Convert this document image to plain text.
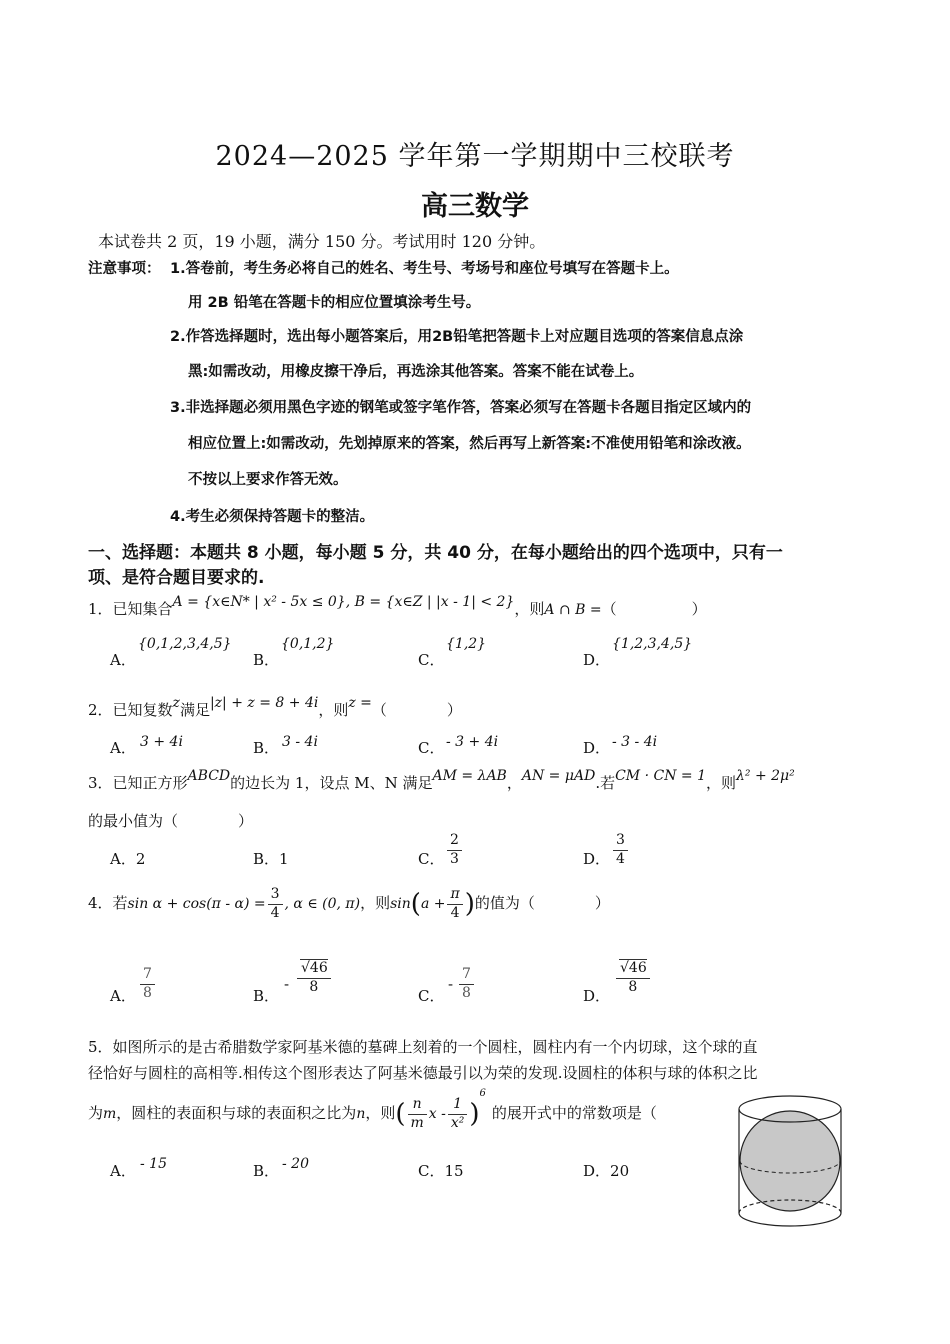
2024—2025 学年第一学期期中三校联考
高三数学
本试卷共 2 页，19 小题，满分 150 分。考试用时 120 分钟。
注意事项： 1.答卷前，考生务必将自己的姓名、考生号、考场号和座位号填写在答题卡上。
用 2B 铅笔在答题卡的相应位置填涂考生号。
2.作答选择题时，选出每小题答案后，用2B铅笔把答题卡上对应题目选项的答案信息点涂
黑:如需改动，用橡皮擦干净后，再选涂其他答案。答案不能在试卷上。
3.非选择题必须用黑色字迹的钢笔或签字笔作答，答案必须写在答题卡各题目指定区域内的
相应位置上:如需改动，先划掉原来的答案，然后再写上新答案:不准使用铅笔和涂改液。
不按以上要求作答无效。
4.考生必须保持答题卡的整洁。
一、选择题：本题共 8 小题，每小题 5 分，共 40 分，在每小题给出的四个选项中，只有一
项、是符合题目要求的.
1．已知集合A = {x∈N* | x² - 5x ≤ 0}, B = {x∈Z | |x - 1| < 2}，则A ∩ B =（　　　　　）
A．
{0,1,2,3,4,5}
B．
{0,1,2}
C．
{1,2}
D．
{1,2,3,4,5}
2．已知复数z满足|z| + z = 8 + 4i，则z =（　　　　）
A． 3 + 4i	B． 3 - 4i	C． - 3 + 4i	D． - 3 - 4i
3．已知正方形ABCD的边长为 1，设点 M、N 满足AM = λAB，AN = μAD.若CM · CN = 1，则λ² + 2μ²
的最小值为（　　　　）
A．2	B．1	C． $\frac{2}{3}$	D． $\frac{3}{4}$
4．若$\sin \alpha + \cos(\pi - \alpha) = \frac{3}{4}$ , α ∈ (0, π)，则$\sin(a + \frac{\pi}{4}$ )的值为（　　　　）
A． $\frac{7}{8}$	B．
- $\frac{√46}{8}$	C．
- $\frac{7}{8}$	D． $\frac{√46}{8}$
5．如图所示的是古希腊数学家阿基米德的墓碑上刻着的一个圆柱，圆柱内有一个内切球，这个球的直
径恰好与圆柱的高相等.相传这个图形表达了阿基米德最引以为荣的发现.设圆柱的体积与球的体积之比
为m，圆柱的表面积与球的表面积之比为n，则( $\frac{n}{m}$ x - $\frac{1}{\text{x²}} )^6$的展开式中的常数项是（
A． - 15	B． - 20	C．15	D．20
